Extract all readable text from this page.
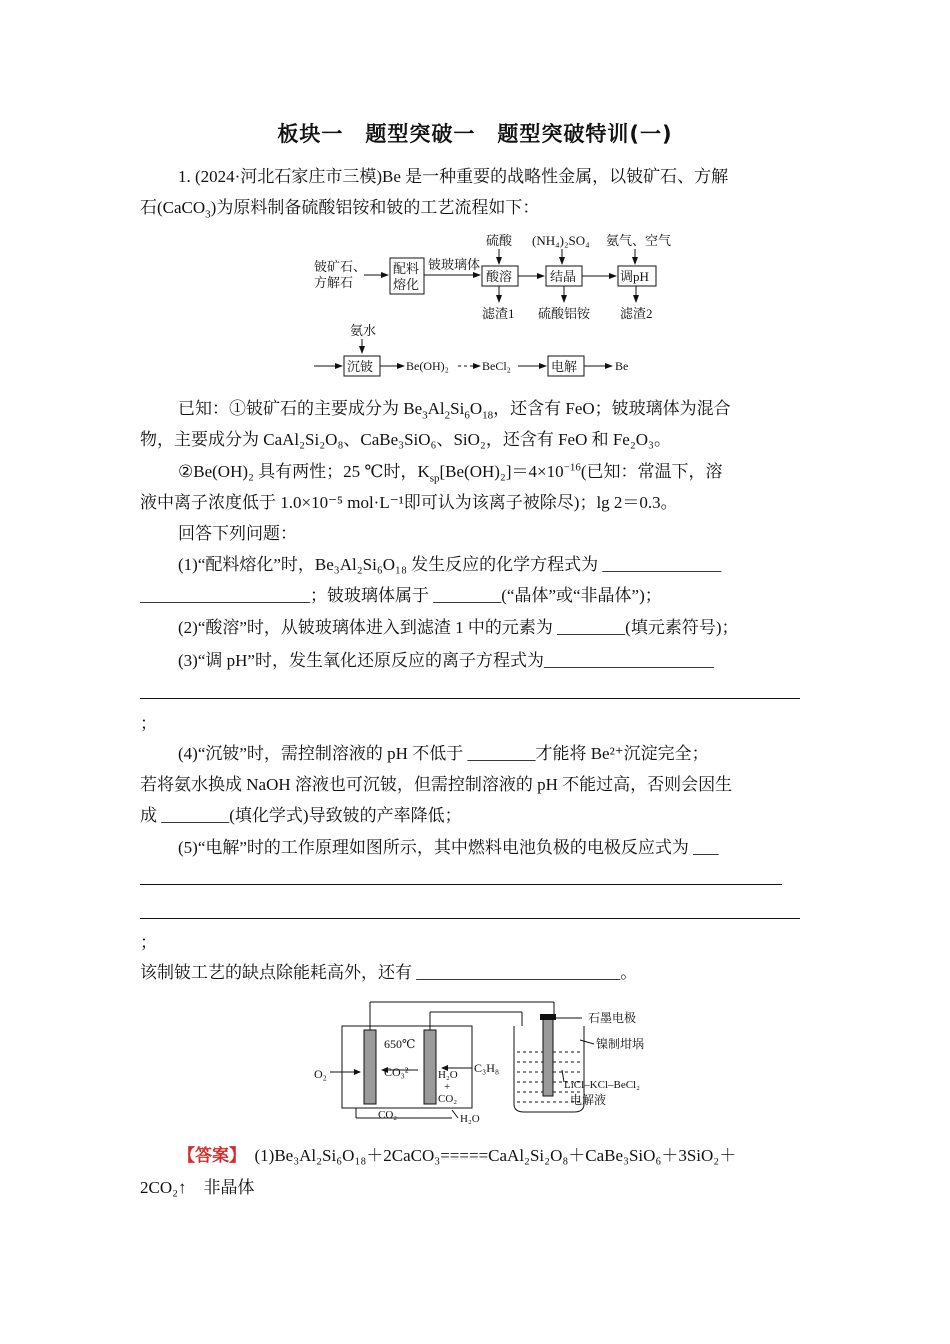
板块一　题型突破一　题型突破特训(一)
1. (2024·河北石家庄市三模)Be 是一种重要的战略性金属，以铍矿石、方解
石(CaCO$_3$)为原料制备硫酸铝铵和铍的工艺流程如下：
铍矿石、
方解石
配料
熔化
铍玻璃体
硫酸
酸溶
滤渣1
(NH₄)₂SO₄
结晶
硫酸铝铵
氨气、空气
调pH
滤渣2
氨水
沉铍	Be(OH)₂	BeCl₂	电解	Be
已知：①铍矿石的主要成分为 $Be_3Al_2Si_6O_{18}$，还含有 FeO；铍玻璃体为混合
物，主要成分为 CaAl₂Si₂O₈、CaBe₃SiO₆、SiO₂，还含有 FeO 和 Fe₂O₃。
②Be(OH)₂ 具有两性；25 ℃时，$K_{sp}[Be(OH)_2]=4\times 10^{-16}$(已知：常温下，溶
液中离子浓度低于 1.0×10⁻⁵ mol·L⁻¹即可认为该离子被除尽)；lg 2＝0.3。
回答下列问题：
(1)“配料熔化”时，Be₃Al₂Si₆O₁₈ 发生反应的化学方程式为 ______________
____________________；铍玻璃体属于 ________(“晶体”或“非晶体”)；
(2)“酸溶”时，从铍玻璃体进入到滤渣 1 中的元素为 ________(填元素符号)；
(3)“调 pH”时，发生氧化还原反应的离子方程式为____________________
；
(4)“沉铍”时，需控制溶液的 pH 不低于 ________才能将 Be²⁺沉淀完全；
若将氨水换成 NaOH 溶液也可沉铍，但需控制溶液的 pH 不能过高，否则会因生
成 ________(填化学式)导致铍的产率降低；
(5)“电解”时的工作原理如图所示，其中燃料电池负极的电极反应式为 ___
；
该制铍工艺的缺点除能耗高外，还有 ________________________。
650℃
O₂	CO₃²⁻ H₂O
+
CO₂
C₃H₈
CO₂	H₂O
石墨电极
镍制坩埚
LiCl–KCl–BeCl₂
电解液
【答案】　 (1)Be₃Al₂Si₆O₁₈＋2CaCO₃=====CaAl₂Si₂O₈＋CaBe₃SiO₆＋3SiO₂＋
2CO₂↑　非晶体
